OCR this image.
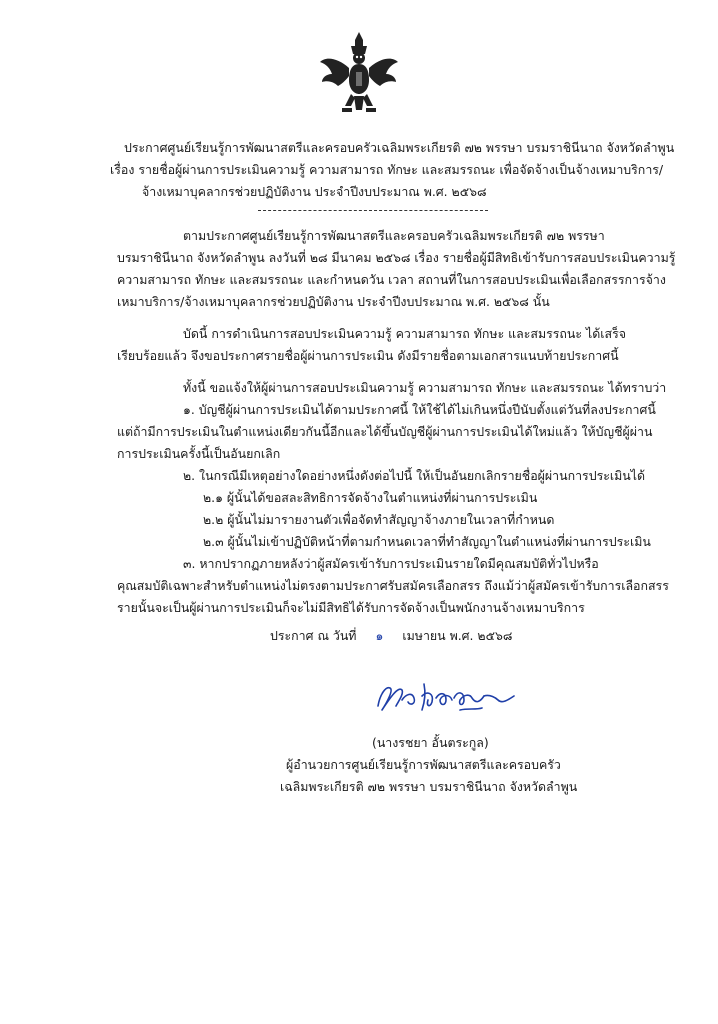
ประกาศศูนย์เรียนรู้การพัฒนาสตรีและครอบครัวเฉลิมพระเกียรติ ๗๒ พรรษา บรมราชินีนาถ จังหวัดลำพูน
เรื่อง รายชื่อผู้ผ่านการประเมินความรู้ ความสามารถ ทักษะ และสมรรถนะ เพื่อจัดจ้างเป็นจ้างเหมาบริการ/
จ้างเหมาบุคลากรช่วยปฏิบัติงาน ประจำปีงบประมาณ พ.ศ. ๒๕๖๘
ตามประกาศศูนย์เรียนรู้การพัฒนาสตรีและครอบครัวเฉลิมพระเกียรติ ๗๒ พรรษา
บรมราชินีนาถ จังหวัดลำพูน ลงวันที่ ๒๘ มีนาคม ๒๕๖๘ เรื่อง รายชื่อผู้มีสิทธิเข้ารับการสอบประเมินความรู้
ความสามารถ ทักษะ และสมรรถนะ และกำหนดวัน เวลา สถานที่ในการสอบประเมินเพื่อเลือกสรรการจ้าง
เหมาบริการ/จ้างเหมาบุคลากรช่วยปฏิบัติงาน ประจำปีงบประมาณ พ.ศ. ๒๕๖๘ นั้น
บัดนี้ การดำเนินการสอบประเมินความรู้ ความสามารถ ทักษะ และสมรรถนะ ได้เสร็จ
เรียบร้อยแล้ว จึงขอประกาศรายชื่อผู้ผ่านการประเมิน ดังมีรายชื่อตามเอกสารแนบท้ายประกาศนี้
ทั้งนี้ ขอแจ้งให้ผู้ผ่านการสอบประเมินความรู้ ความสามารถ ทักษะ และสมรรถนะ ได้ทราบว่า
๑. บัญชีผู้ผ่านการประเมินได้ตามประกาศนี้ ให้ใช้ได้ไม่เกินหนึ่งปีนับตั้งแต่วันที่ลงประกาศนี้
แต่ถ้ามีการประเมินในตำแหน่งเดียวกันนี้อีกและได้ขึ้นบัญชีผู้ผ่านการประเมินได้ใหม่แล้ว ให้บัญชีผู้ผ่าน
การประเมินครั้งนี้เป็นอันยกเลิก
๒. ในกรณีมีเหตุอย่างใดอย่างหนึ่งดังต่อไปนี้ ให้เป็นอันยกเลิกรายชื่อผู้ผ่านการประเมินได้
๒.๑ ผู้นั้นได้ขอสละสิทธิการจัดจ้างในตำแหน่งที่ผ่านการประเมิน
๒.๒ ผู้นั้นไม่มารายงานตัวเพื่อจัดทำสัญญาจ้างภายในเวลาที่กำหนด
๒.๓ ผู้นั้นไม่เข้าปฏิบัติหน้าที่ตามกำหนดเวลาที่ทำสัญญาในตำแหน่งที่ผ่านการประเมิน
๓. หากปรากฏภายหลังว่าผู้สมัครเข้ารับการประเมินรายใดมีคุณสมบัติทั่วไปหรือ
คุณสมบัติเฉพาะสำหรับตำแหน่งไม่ตรงตามประกาศรับสมัครเลือกสรร ถึงแม้ว่าผู้สมัครเข้ารับการเลือกสรร
รายนั้นจะเป็นผู้ผ่านการประเมินก็จะไม่มีสิทธิได้รับการจัดจ้างเป็นพนักงานจ้างเหมาบริการ
ประกาศ ณ วันที่ ๑ เมษายน พ.ศ. ๒๕๖๘
(นางรชยา อั้นตระกูล)
ผู้อำนวยการศูนย์เรียนรู้การพัฒนาสตรีและครอบครัว
เฉลิมพระเกียรติ ๗๒ พรรษา บรมราชินีนาถ จังหวัดลำพูน
